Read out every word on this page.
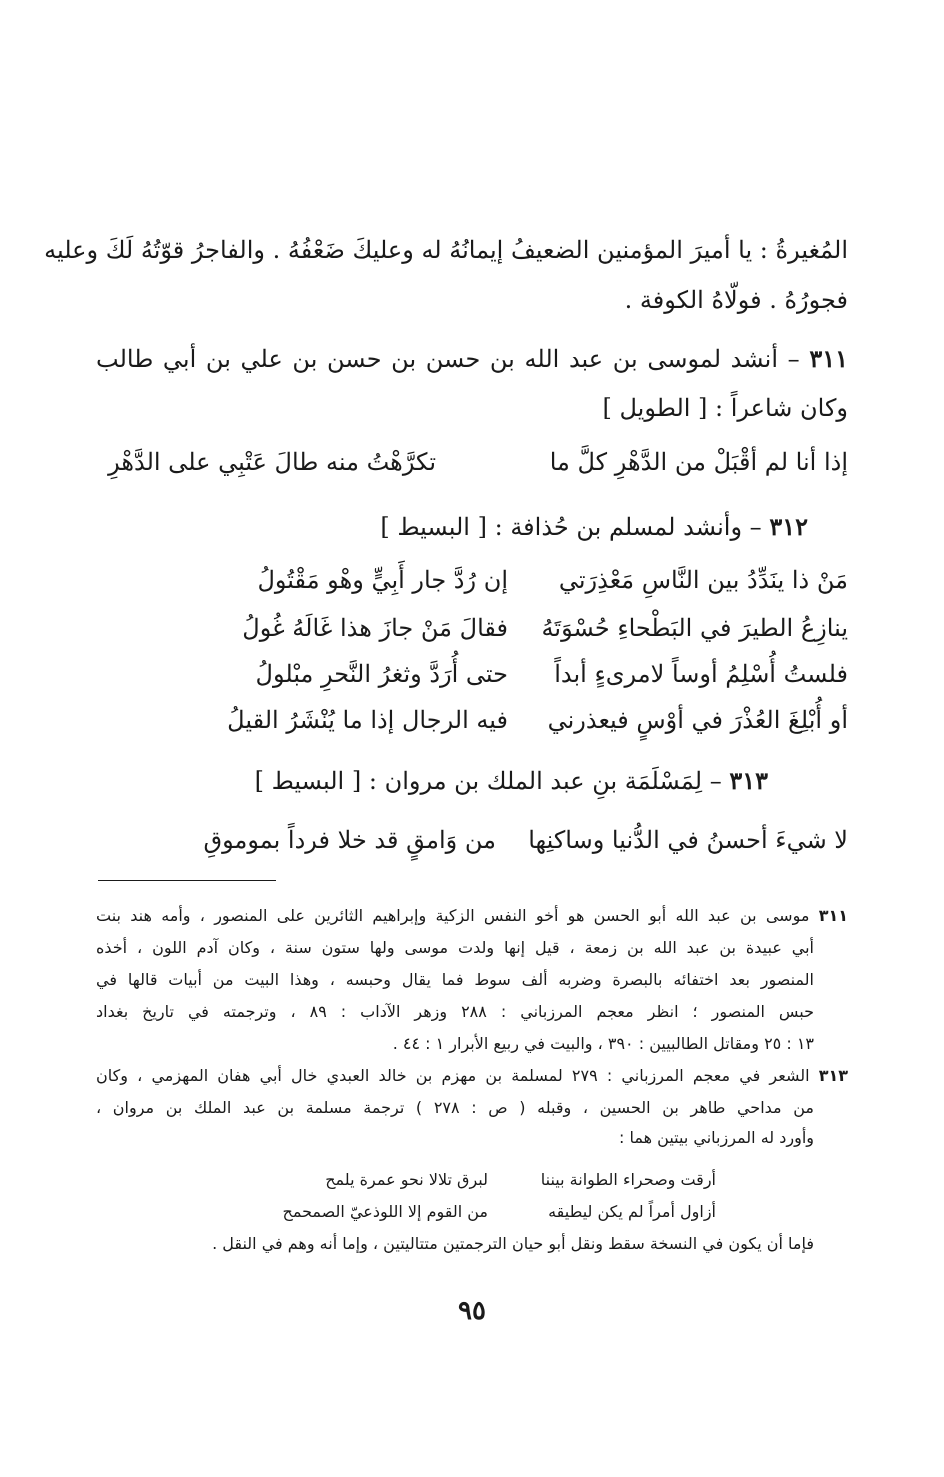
المُغيرةُ : يا أميرَ المؤمنين الضعيفُ إيمانُهُ له وعليكَ ضَعْفُهُ . والفاجرُ قوّتُهُ لَكَ وعليه
فجورُهُ . فولّاهُ الكوفة .
٣١١ – أنشد لموسى بن عبد الله بن حسن بن حسن بن علي بن أبي طالب
وكان شاعراً : [ الطويل ]
إذا أنا لم أقْبَلْ من الدَّهْرِ كلَّ ما
تكرَّهْتُ منه طالَ عَتْبِي على الدَّهْرِ
٣١٢ – وأنشد لمسلم بن حُذافة : [ البسيط ]
مَنْ ذا ينَدِّدُ بين النَّاسِ مَعْذِرَتي
إن رُدَّ جار أَبِيٍّ وهْو مَقْتُولُ
ينازِعُ الطيرَ في البَطْحاءِ حُسْوَتَهُ
فقالَ مَنْ جازَ هذا غَالَهُ غُولُ
فلستُ أُسْلِمُ أوساً لامرىءٍ أبداً
حتى أُرَدَّ وثغرُ النَّحرِ مبْلولُ
أو أُبْلِغَ العُذْرَ في أوْسٍ فيعذرني
فيه الرجال إذا ما يُنْشَرُ القيلُ
٣١٣ – لِمَسْلَمَة بنِ عبد الملك بن مروان : [ البسيط ]
لا شيءَ أحسنُ في الدُّنيا وساكنِها
من وَامقٍ قد خلا فرداً بموموقِ
٣١١ موسى بن عبد الله أبو الحسن هو أخو النفس الزكية وإبراهيم الثائرين على المنصور ، وأمه هند بنت
أبي عبيدة بن عبد الله بن زمعة ، قيل إنها ولدت موسى ولها ستون سنة ، وكان آدم اللون ، أخذه
المنصور بعد اختفائه بالبصرة وضربه ألف سوط فما يقال وحبسه ، وهذا البيت من أبيات قالها في
حبس المنصور ؛ انظر معجم المرزباني : ٢٨٨ وزهر الآداب : ٨٩ ، وترجمته في تاريخ بغداد
١٣ : ٢٥ ومقاتل الطالبيين : ٣٩٠ ، والبيت في ربيع الأبرار ١ : ٤٤ .
٣١٣ الشعر في معجم المرزباني : ٢٧٩ لمسلمة بن مهزم بن خالد العبدي خال أبي هفان المهزمي ، وكان
من مداحي طاهر بن الحسين ، وقبله ( ص : ٢٧٨ ) ترجمة مسلمة بن عبد الملك بن مروان ،
وأورد له المرزباني بيتين هما :
أرقت وصحراء الطوانة بيننا
لبرق تلالا نحو عمرة يلمح
أزاول أمراً لم يكن ليطيقه
من القوم إلا اللوذعيّ الصمحمح
فإما أن يكون في النسخة سقط ونقل أبو حيان الترجمتين متتاليتين ، وإما أنه وهم في النقل .
٩٥
